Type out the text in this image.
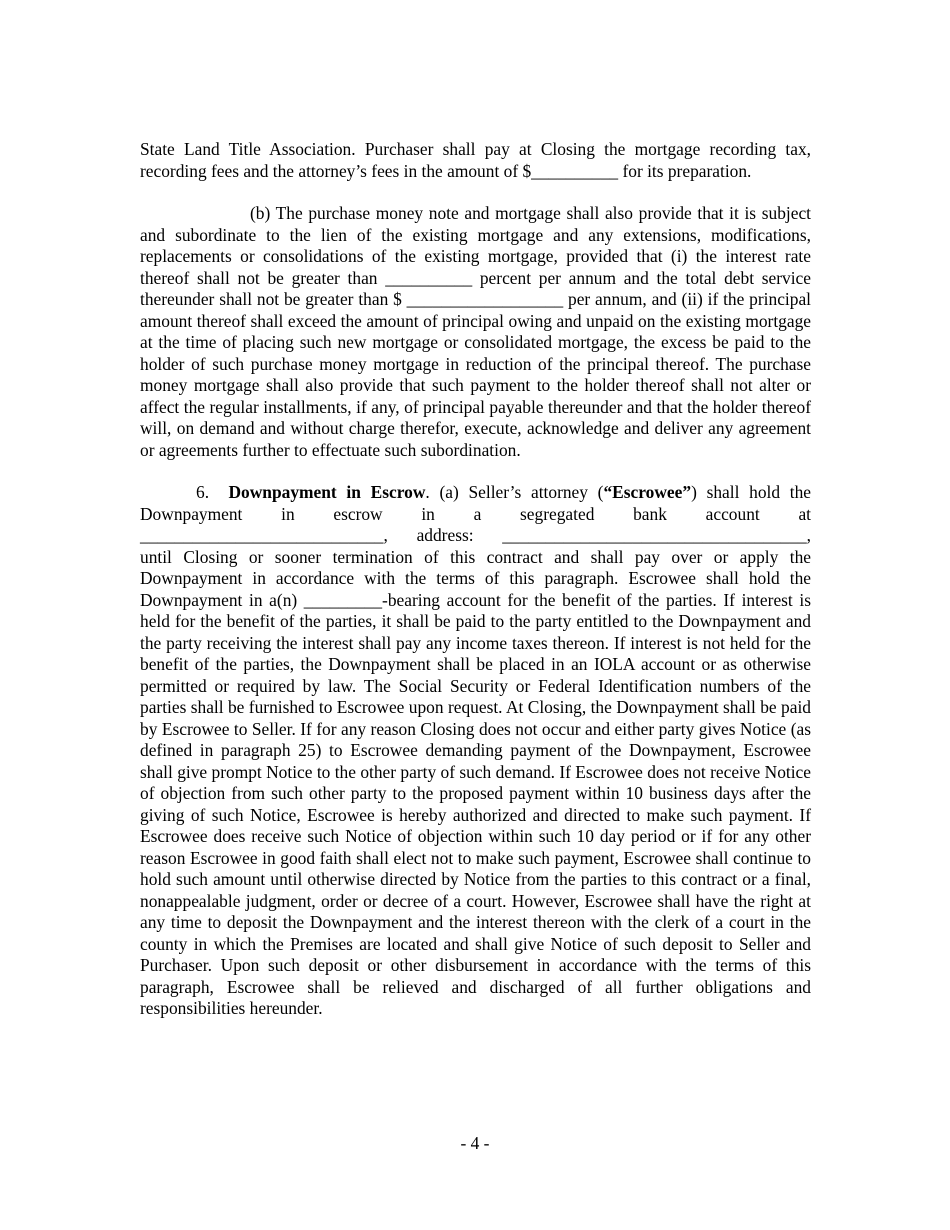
State Land Title Association. Purchaser shall pay at Closing the mortgage recording tax, recording fees and the attorney’s fees in the amount of $__________ for its preparation.

(b) The purchase money note and mortgage shall also provide that it is subject and subordinate to the lien of the existing mortgage and any extensions, modifications, replacements or consolidations of the existing mortgage, provided that (i) the interest rate thereof shall not be greater than __________ percent per annum and the total debt service thereunder shall not be greater than $ __________________ per annum, and (ii) if the principal amount thereof shall exceed the amount of principal owing and unpaid on the existing mortgage at the time of placing such new mortgage or consolidated mortgage, the excess be paid to the holder of such purchase money mortgage in reduction of the principal thereof. The purchase money mortgage shall also provide that such payment to the holder thereof shall not alter or affect the regular installments, if any, of principal payable thereunder and that the holder thereof will, on demand and without charge therefor, execute, acknowledge and deliver any agreement or agreements further to effectuate such subordination.

6. Downpayment in Escrow. (a) Seller’s attorney (“Escrowee”) shall hold the Downpayment in escrow in a segregated bank account at

____________________________, address: ___________________________________,

until Closing or sooner termination of this contract and shall pay over or apply the Downpayment in accordance with the terms of this paragraph. Escrowee shall hold the Downpayment in a(n) _________-bearing account for the benefit of the parties. If interest is held for the benefit of the parties, it shall be paid to the party entitled to the Downpayment and the party receiving the interest shall pay any income taxes thereon. If interest is not held for the benefit of the parties, the Downpayment shall be placed in an IOLA account or as otherwise permitted or required by law. The Social Security or Federal Identification numbers of the parties shall be furnished to Escrowee upon request. At Closing, the Downpayment shall be paid by Escrowee to Seller. If for any reason Closing does not occur and either party gives Notice (as defined in paragraph 25) to Escrowee demanding payment of the Downpayment, Escrowee shall give prompt Notice to the other party of such demand. If Escrowee does not receive Notice of objection from such other party to the proposed payment within 10 business days after the giving of such Notice, Escrowee is hereby authorized and directed to make such payment. If Escrowee does receive such Notice of objection within such 10 day period or if for any other reason Escrowee in good faith shall elect not to make such payment, Escrowee shall continue to hold such amount until otherwise directed by Notice from the parties to this contract or a final, nonappealable judgment, order or decree of a court. However, Escrowee shall have the right at any time to deposit the Downpayment and the interest thereon with the clerk of a court in the county in which the Premises are located and shall give Notice of such deposit to Seller and Purchaser. Upon such deposit or other disbursement in accordance with the terms of this paragraph, Escrowee shall be relieved and discharged of all further obligations and responsibilities hereunder.

- 4 -
